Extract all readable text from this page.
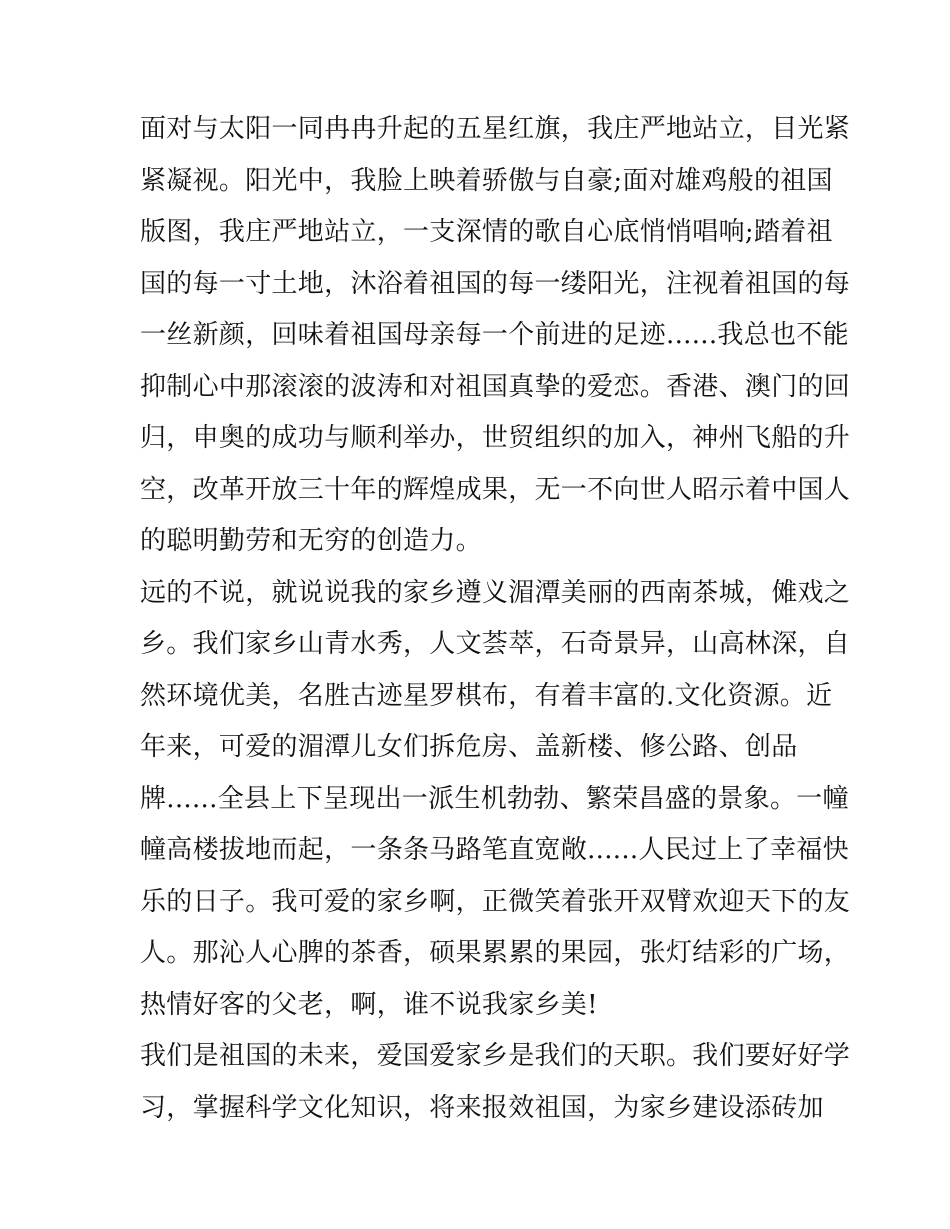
面对与太阳一同冉冉升起的五星红旗，我庄严地站立，目光紧
紧凝视。阳光中，我脸上映着骄傲与自豪;面对雄鸡般的祖国
版图，我庄严地站立，一支深情的歌自心底悄悄唱响;踏着祖
国的每一寸土地，沐浴着祖国的每一缕阳光，注视着祖国的每
一丝新颜，回味着祖国母亲每一个前进的足迹......我总也不能
抑制心中那滚滚的波涛和对祖国真挚的爱恋。香港、澳门的回
归，申奥的成功与顺利举办，世贸组织的加入，神州飞船的升
空，改革开放三十年的辉煌成果，无一不向世人昭示着中国人
的聪明勤劳和无穷的创造力。
远的不说，就说说我的家乡遵义湄潭美丽的西南茶城，傩戏之
乡。我们家乡山青水秀，人文荟萃，石奇景异，山高林深，自
然环境优美，名胜古迹星罗棋布，有着丰富的.文化资源。近
年来，可爱的湄潭儿女们拆危房、盖新楼、修公路、创品
牌......全县上下呈现出一派生机勃勃、繁荣昌盛的景象。一幢
幢高楼拔地而起，一条条马路笔直宽敞......人民过上了幸福快
乐的日子。我可爱的家乡啊，正微笑着张开双臂欢迎天下的友
人。那沁人心脾的茶香，硕果累累的果园，张灯结彩的广场，
热情好客的父老，啊，谁不说我家乡美!
我们是祖国的未来，爱国爱家乡是我们的天职。我们要好好学
习，掌握科学文化知识，将来报效祖国，为家乡建设添砖加
